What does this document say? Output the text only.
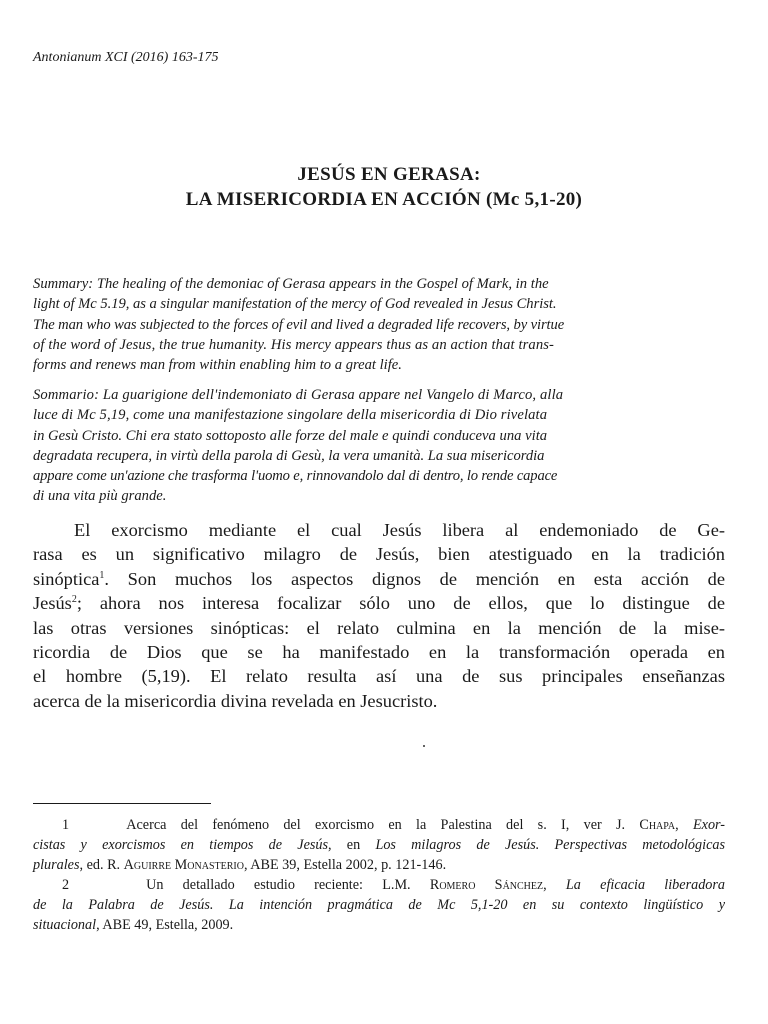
Antonianum XCI (2016) 163-175
JESÚS EN GERASA:
LA MISERICORDIA EN ACCIÓN (Mc 5,1-20)
Summary: The healing of the demoniac of Gerasa appears in the Gospel of Mark, in the
light of Mc 5.19, as a singular manifestation of the mercy of God revealed in Jesus Christ.
The man who was subjected to the forces of evil and lived a degraded life recovers, by virtue
of the word of Jesus, the true humanity. His mercy appears thus as an action that trans-
forms and renews man from within enabling him to a great life.
Sommario: La guarigione dell'indemoniato di Gerasa appare nel Vangelo di Marco, alla
luce di Mc 5,19, come una manifestazione singolare della misericordia di Dio rivelata
in Gesù Cristo. Chi era stato sottoposto alle forze del male e quindi conduceva una vita
degradata recupera, in virtù della parola di Gesù, la vera umanità. La sua misericordia
appare come un'azione che trasforma l'uomo e, rinnovandolo dal di dentro, lo rende capace
di una vita più grande.
El exorcismo mediante el cual Jesús libera al endemoniado de Ge-
rasa es un significativo milagro de Jesús, bien atestiguado en la tradición
sinóptica$^1$. Son muchos los aspectos dignos de mención en esta acción de
Jesús$^2$; ahora nos interesa focalizar sólo uno de ellos, que lo distingue de
las otras versiones sinópticas: el relato culmina en la mención de la mise-
ricordia de Dios que se ha manifestado en la transformación operada en
el hombre (5,19). El relato resulta así una de sus principales enseñanzas
acerca de la misericordia divina revelada en Jesucristo.
1	Acerca del fenómeno del exorcismo en la Palestina del s. I, ver J. Chapa, Exor-
cistas y exorcismos en tiempos de Jesús, en Los milagros de Jesús. Perspectivas metodológicas
plurales, ed. R. Aguirre Monasterio, ABE 39, Estella 2002, p. 121-146.
2	Un detallado estudio reciente: L.M. Romero Sánchez, La eficacia liberadora
de la Palabra de Jesús. La intención pragmática de Mc 5,1-20 en su contexto lingüístico y
situacional, ABE 49, Estella, 2009.
